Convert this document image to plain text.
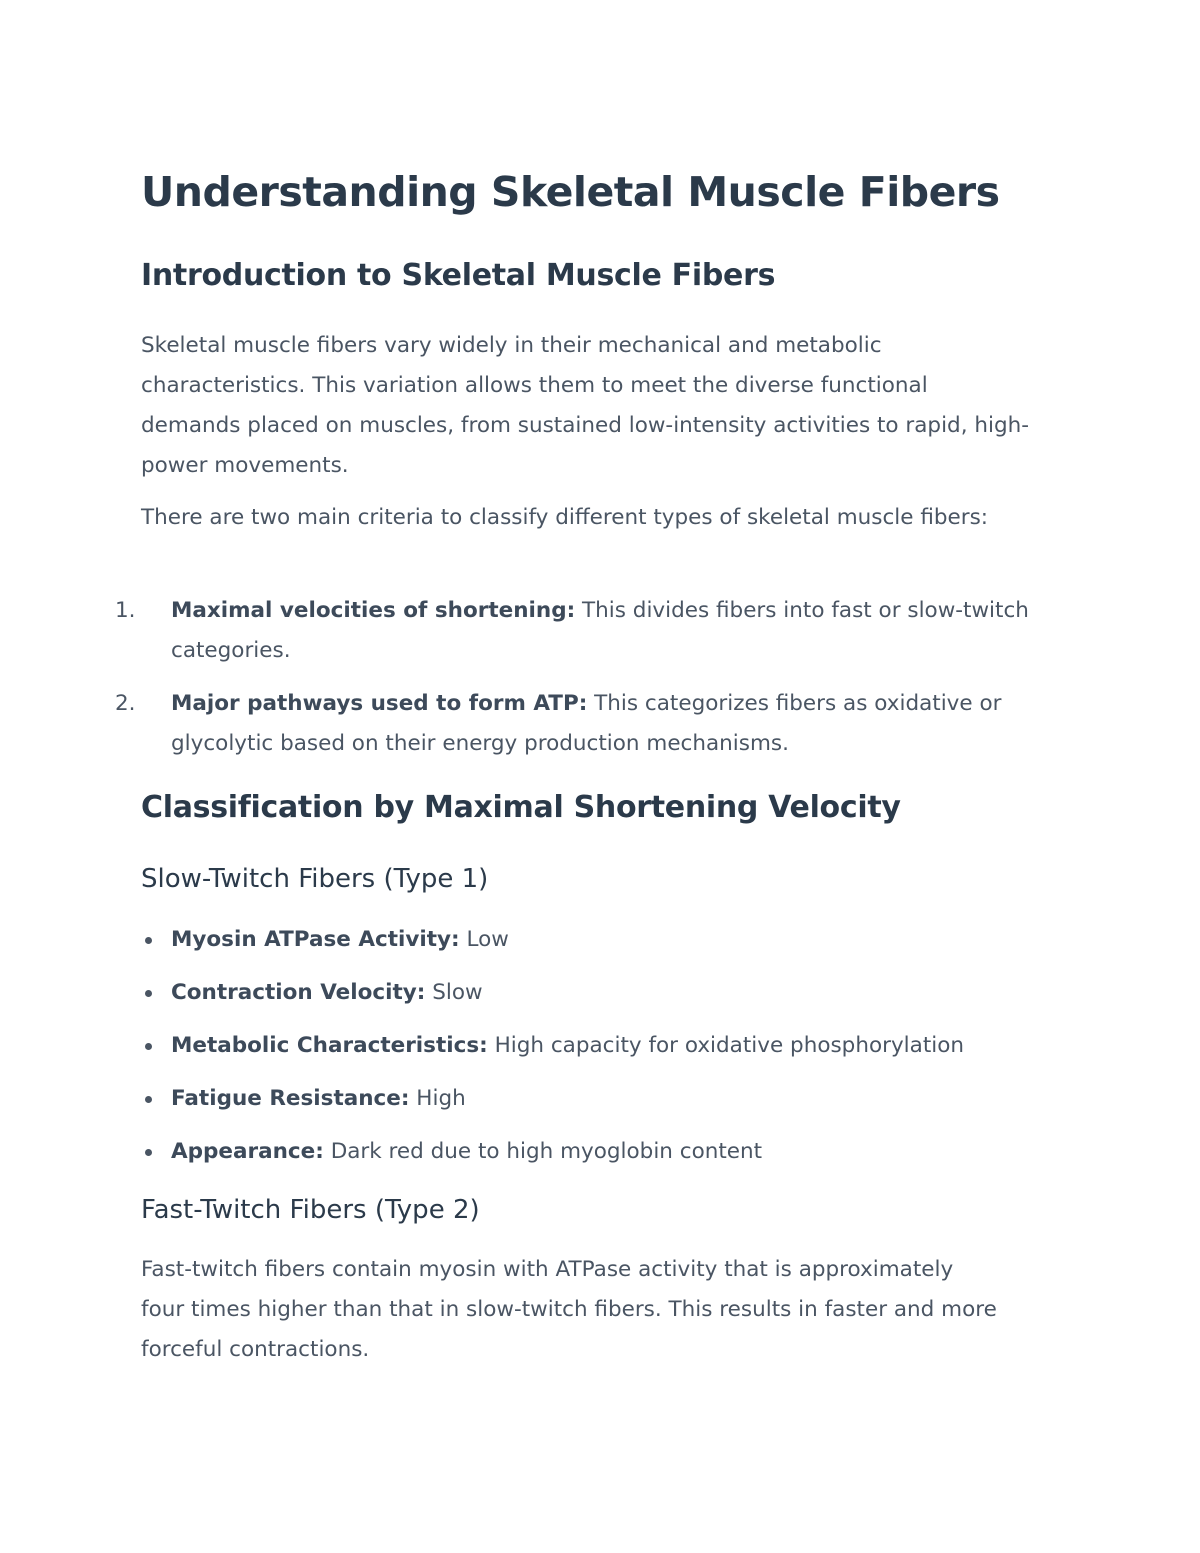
Understanding Skeletal Muscle Fibers
Introduction to Skeletal Muscle Fibers

Skeletal muscle fibers vary widely in their mechanical and metabolic characteristics. This variation allows them to meet the diverse functional demands placed on muscles, from sustained low-intensity activities to rapid, high-power movements.

There are two main criteria to classify different types of skeletal muscle fibers:

1.	Maximal velocities of shortening: This divides fibers into fast or slow-twitch categories.
2.	Major pathways used to form ATP: This categorizes fibers as oxidative or glycolytic based on their energy production mechanisms.
Classification by Maximal Shortening Velocity
Slow-Twitch Fibers (Type 1)
Myosin ATPase Activity: Low
Contraction Velocity: Slow
Metabolic Characteristics: High capacity for oxidative phosphorylation
Fatigue Resistance: High
Appearance: Dark red due to high myoglobin content
Fast-Twitch Fibers (Type 2)

Fast-twitch fibers contain myosin with ATPase activity that is approximately four times higher than that in slow-twitch fibers. This results in faster and more forceful contractions.
